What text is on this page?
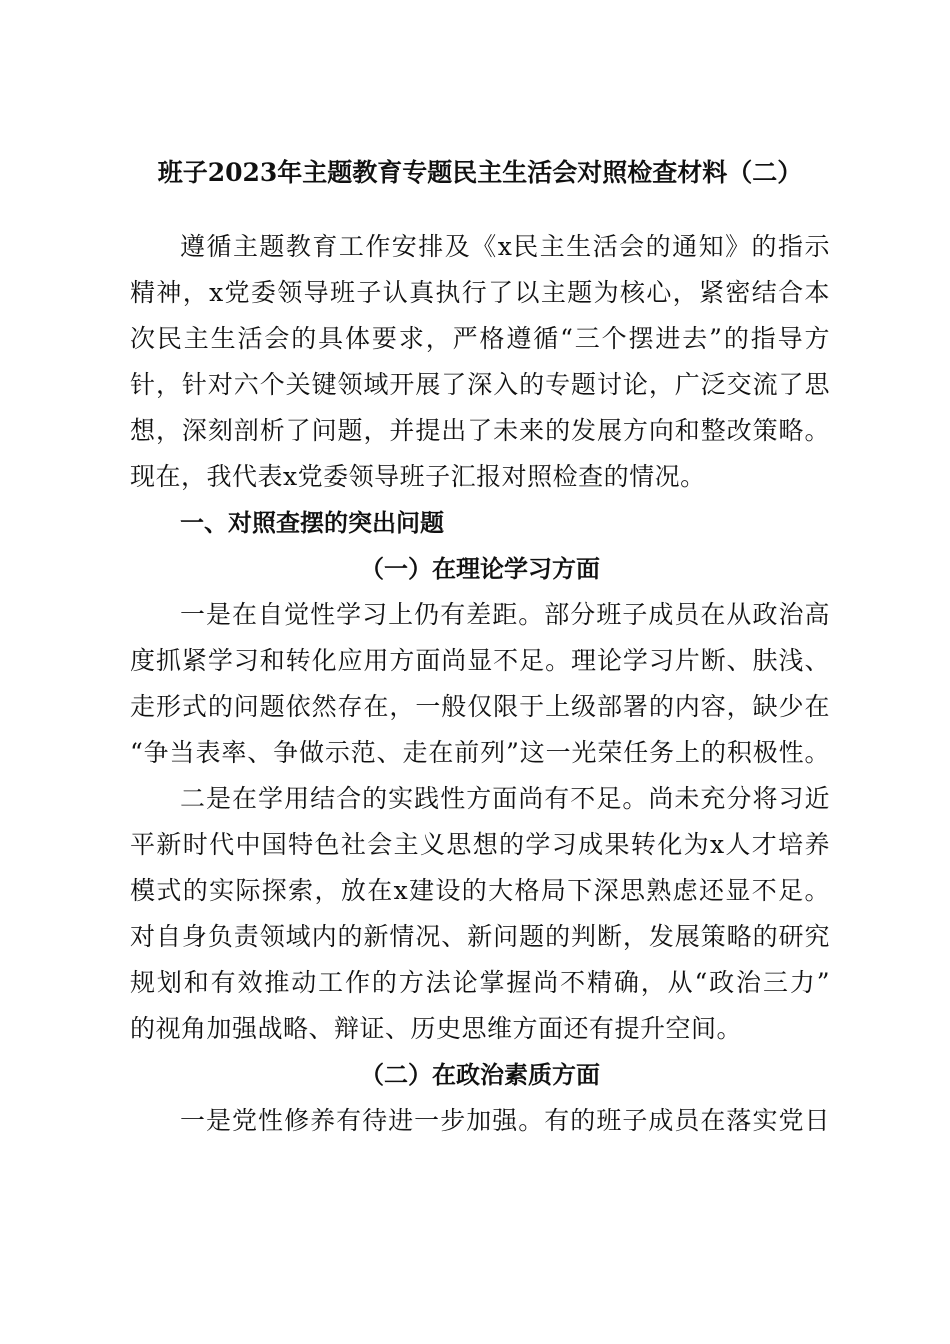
班子2023年主题教育专题民主生活会对照检查材料（二）
遵循主题教育工作安排及《x民主生活会的通知》的指示
精神，x党委领导班子认真执行了以主题为核心，紧密结合本
次民主生活会的具体要求，严格遵循“三个摆进去”的指导方
针，针对六个关键领域开展了深入的专题讨论，广泛交流了思
想，深刻剖析了问题，并提出了未来的发展方向和整改策略。
现在，我代表x党委领导班子汇报对照检查的情况。
一、对照查摆的突出问题
（一）在理论学习方面
一是在自觉性学习上仍有差距。部分班子成员在从政治高
度抓紧学习和转化应用方面尚显不足。理论学习片断、肤浅、
走形式的问题依然存在，一般仅限于上级部署的内容，缺少在
“争当表率、争做示范、走在前列”这一光荣任务上的积极性。
二是在学用结合的实践性方面尚有不足。尚未充分将习近
平新时代中国特色社会主义思想的学习成果转化为x人才培养
模式的实际探索，放在x建设的大格局下深思熟虑还显不足。
对自身负责领域内的新情况、新问题的判断，发展策略的研究
规划和有效推动工作的方法论掌握尚不精确，从“政治三力”
的视角加强战略、辩证、历史思维方面还有提升空间。
（二）在政治素质方面
一是党性修养有待进一步加强。有的班子成员在落实党日
